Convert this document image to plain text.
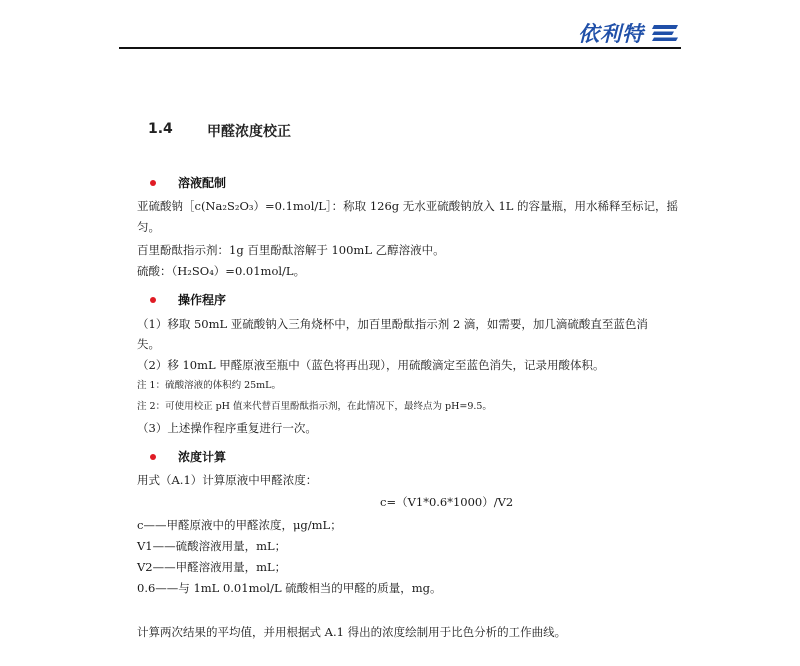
依利特
1.4 甲醛浓度校正
溶液配制
亚硫酸钠［c(Na₂S₂O₃）=0.1mol/L］：称取 126g 无水亚硫酸钠放入 1L 的容量瓶，用水稀释至标记，摇
匀。
百里酚酞指示剂：1g 百里酚酞溶解于 100mL 乙醇溶液中。
硫酸：（H₂SO₄）=0.01mol/L。
操作程序
（1）移取 50mL 亚硫酸钠入三角烧杯中，加百里酚酞指示剂 2 滴，如需要，加几滴硫酸直至蓝色消
失。
（2）移 10mL 甲醛原液至瓶中（蓝色将再出现），用硫酸滴定至蓝色消失，记录用酸体积。
注 1：硫酸溶液的体积约 25mL。
注 2：可使用校正 pH 值来代替百里酚酞指示剂，在此情况下，最终点为 pH=9.5。
（3）上述操作程序重复进行一次。
浓度计算
用式（A.1）计算原液中甲醛浓度：
c=（V1*0.6*1000）/V2
c——甲醛原液中的甲醛浓度，μg/mL；
V1——硫酸溶液用量，mL；
V2——甲醛溶液用量，mL；
0.6——与 1mL 0.01mol/L 硫酸相当的甲醛的质量，mg。
计算两次结果的平均值，并用根据式 A.1 得出的浓度绘制用于比色分析的工作曲线。
